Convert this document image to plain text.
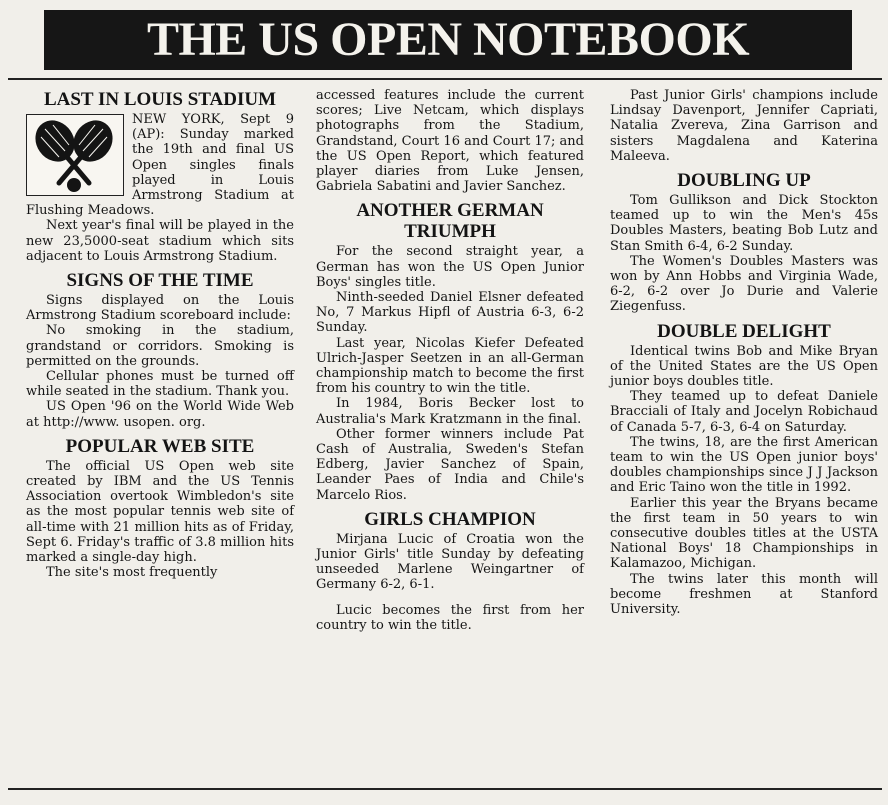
THE US OPEN NOTEBOOK
LAST IN LOUIS STADIUM

NEW YORK, Sept 9 (AP): Sunday marked the 19th and final US Open singles finals played in Louis Armstrong Stadium at Flushing Meadows.

Next year's final will be played in the new 23,5000-seat stadium which sits adjacent to Louis Armstrong Stadium.

SIGNS OF THE TIME

Signs displayed on the Louis Armstrong Stadium scoreboard include:

No smoking in the stadium, grandstand or corridors. Smoking is permitted on the grounds.

Cellular phones must be turned off while seated in the stadium. Thank you.

US Open '96 on the World Wide Web at http://www. usopen. org.

POPULAR WEB SITE

The official US Open web site created by IBM and the US Tennis Association overtook Wimbledon's site as the most popular tennis web site of all-time with 21 million hits as of Friday, Sept 6. Friday's traffic of 3.8 million hits marked a single-day high.

The site's most frequently

accessed features include the current scores; Live Netcam, which displays photographs from the Stadium, Grandstand, Court 16 and Court 17; and the US Open Report, which featured player diaries from Luke Jensen, Gabriela Sabatini and Javier Sanchez.

ANOTHER GERMAN TRIUMPH

For the second straight year, a German has won the US Open Junior Boys' singles title.

Ninth-seeded Daniel Elsner defeated No, 7 Markus Hipfl of Austria 6-3, 6-2 Sunday.

Last year, Nicolas Kiefer Defeated Ulrich-Jasper Seetzen in an all-German championship match to become the first from his country to win the title.

In 1984, Boris Becker lost to Australia's Mark Kratzmann in the final.

Other former winners include Pat Cash of Australia, Sweden's Stefan Edberg, Javier Sanchez of Spain, Leander Paes of India and Chile's Marcelo Rios.

GIRLS CHAMPION

Mirjana Lucic of Croatia won the Junior Girls' title Sunday by defeating unseeded Marlene Weingartner of Germany 6-2, 6-1.

Lucic becomes the first from her country to win the title.

Past Junior Girls' champions include Lindsay Davenport, Jennifer Capriati, Natalia Zvereva, Zina Garrison and sisters Magdalena and Katerina Maleeva.

DOUBLING UP

Tom Gullikson and Dick Stockton teamed up to win the Men's 45s Doubles Masters, beating Bob Lutz and Stan Smith 6-4, 6-2 Sunday.

The Women's Doubles Masters was won by Ann Hobbs and Virginia Wade, 6-2, 6-2 over Jo Durie and Valerie Ziegenfuss.

DOUBLE DELIGHT

Identical twins Bob and Mike Bryan of the United States are the US Open junior boys doubles title.

They teamed up to defeat Daniele Bracciali of Italy and Jocelyn Robichaud of Canada 5-7, 6-3, 6-4 on Saturday.

The twins, 18, are the first American team to win the US Open junior boys' doubles championships since J J Jackson and Eric Taino won the title in 1992.

Earlier this year the Bryans became the first team in 50 years to win consecutive doubles titles at the USTA National Boys' 18 Championships in Kalamazoo, Michigan.

The twins later this month will become freshmen at Stanford University.
